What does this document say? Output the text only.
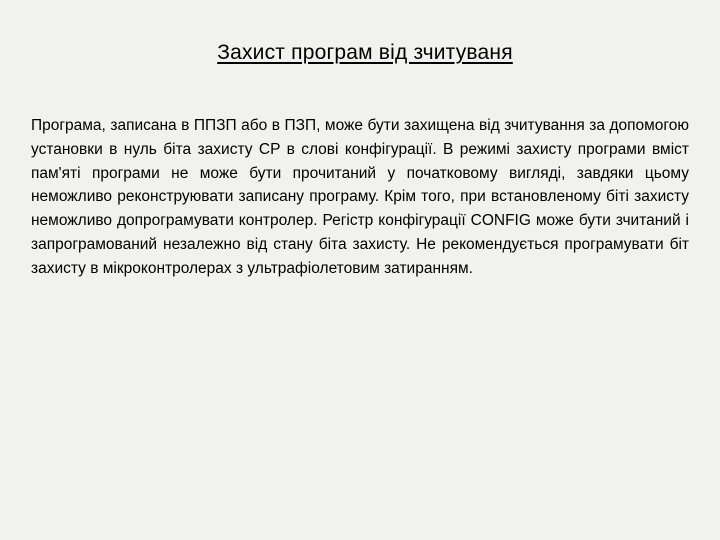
Захист програм від зчитуваня

Програма, записана в ППЗП або в ПЗП, може бути захищена від зчитування за допомогою установки в нуль біта захисту CP в слові конфігурації. В режимі захисту програми вміст пам'яті програми не може бути прочитаний у початковому вигляді, завдяки цьому неможливо реконструювати записану програму. Крім того, при встановленому біті захисту неможливо допрограмувати контролер. Регістр конфігурації CONFIG може бути зчитаний і запрограмований незалежно від стану біта захисту. Не рекомендується програмувати біт захисту в мікроконтролерах з ультрафіолетовим затиранням.
